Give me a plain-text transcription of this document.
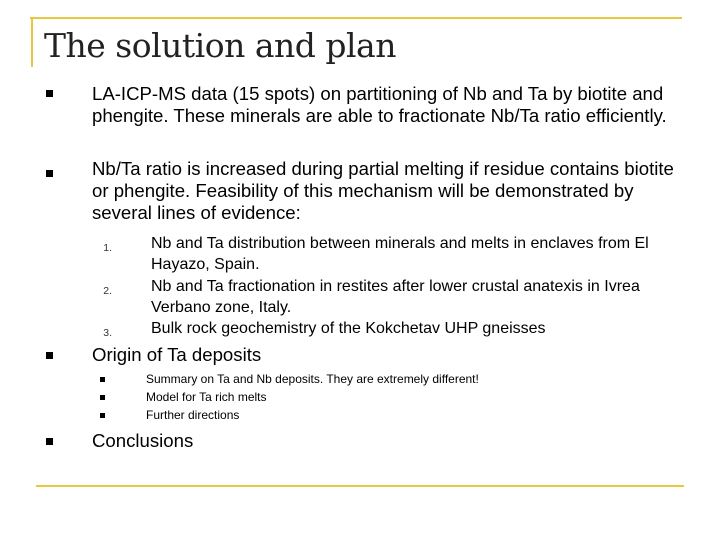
The solution and plan
LA-ICP-MS data (15 spots) on partitioning of Nb and Ta by biotite and phengite. These minerals are able to fractionate Nb/Ta ratio efficiently.
Nb/Ta ratio is increased during partial melting if residue contains biotite or phengite. Feasibility of this mechanism will be demonstrated by several lines of evidence:
1. Nb and Ta distribution between minerals and melts in enclaves from El Hayazo, Spain.
2. Nb and Ta fractionation in restites after lower crustal anatexis in Ivrea Verbano zone, Italy.
3. Bulk rock geochemistry of the Kokchetav UHP gneisses
Origin of Ta deposits
Summary on Ta and Nb deposits. They are extremely different!
Model for Ta rich melts
Further directions
Conclusions
